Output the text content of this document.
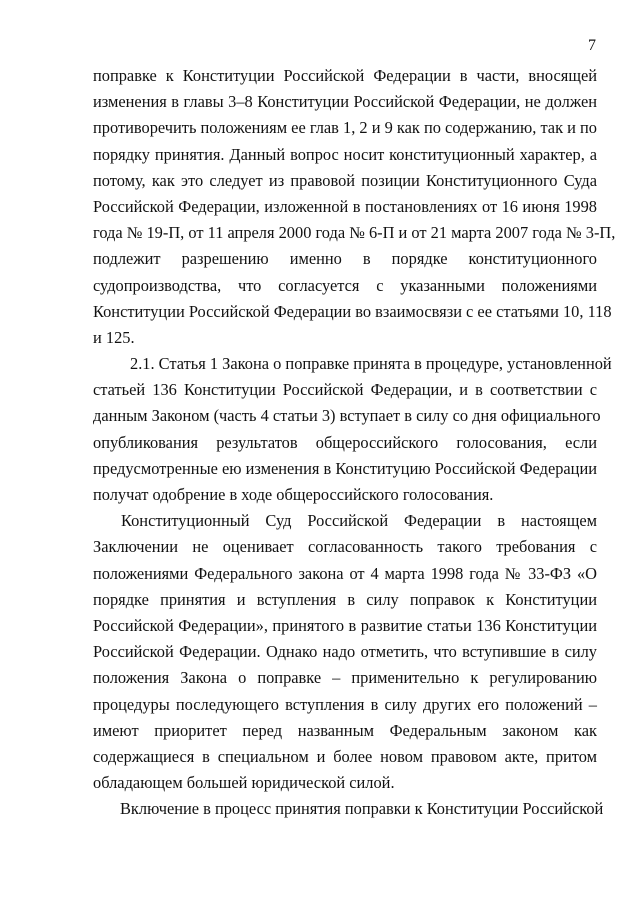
7
поправке к Конституции Российской Федерации в части, вносящей
изменения в главы 3–8 Конституции Российской Федерации, не должен
противоречить положениям ее глав 1, 2 и 9 как по содержанию, так и по
порядку принятия. Данный вопрос носит конституционный характер, а
потому, как это следует из правовой позиции Конституционного Суда
Российской Федерации, изложенной в постановлениях от 16 июня 1998
года № 19-П, от 11 апреля 2000 года № 6-П и от 21 марта 2007 года № 3-П,
подлежит разрешению именно в порядке конституционного
судопроизводства, что согласуется с указанными положениями
Конституции Российской Федерации во взаимосвязи с ее статьями 10, 118
и 125.
2.1. Статья 1 Закона о поправке принята в процедуре, установленной
статьей 136 Конституции Российской Федерации, и в соответствии с
данным Законом (часть 4 статьи 3) вступает в силу со дня официального
опубликования результатов общероссийского голосования, если
предусмотренные ею изменения в Конституцию Российской Федерации
получат одобрение в ходе общероссийского голосования.
Конституционный Суд Российской Федерации в настоящем
Заключении не оценивает согласованность такого требования с
положениями Федерального закона от 4 марта 1998 года № 33-ФЗ «О
порядке принятия и вступления в силу поправок к Конституции
Российской Федерации», принятого в развитие статьи 136 Конституции
Российской Федерации. Однако надо отметить, что вступившие в силу
положения Закона о поправке – применительно к регулированию
процедуры последующего вступления в силу других его положений –
имеют приоритет перед названным Федеральным законом как
содержащиеся в специальном и более новом правовом акте, притом
обладающем большей юридической силой.
Включение в процесс принятия поправки к Конституции Российской
